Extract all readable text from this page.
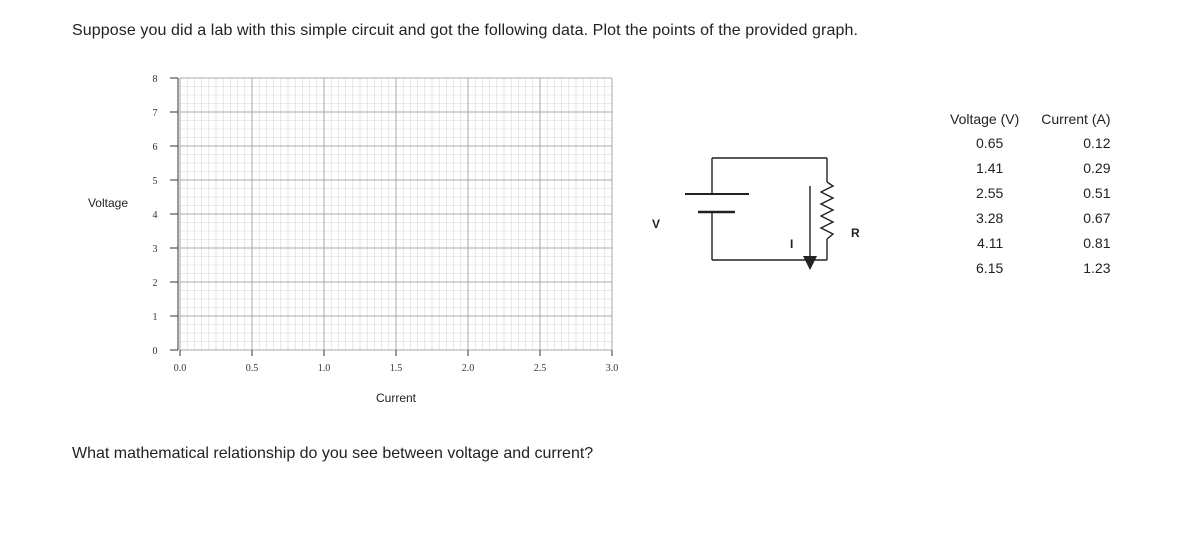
Suppose you did a lab with this simple circuit and got the following data. Plot the points of the provided graph.
0
1
2
3
4
5
6
7
8
0.0	0.5	1.0	1.5	2.0	2.5	3.0
Voltage
Current
V
I
R
Voltage (V)	Current (A)
0.65	0.12
1.41	0.29
2.55	0.51
3.28	0.67
4.11	0.81
6.15	1.23
What mathematical relationship do you see between voltage and current?
